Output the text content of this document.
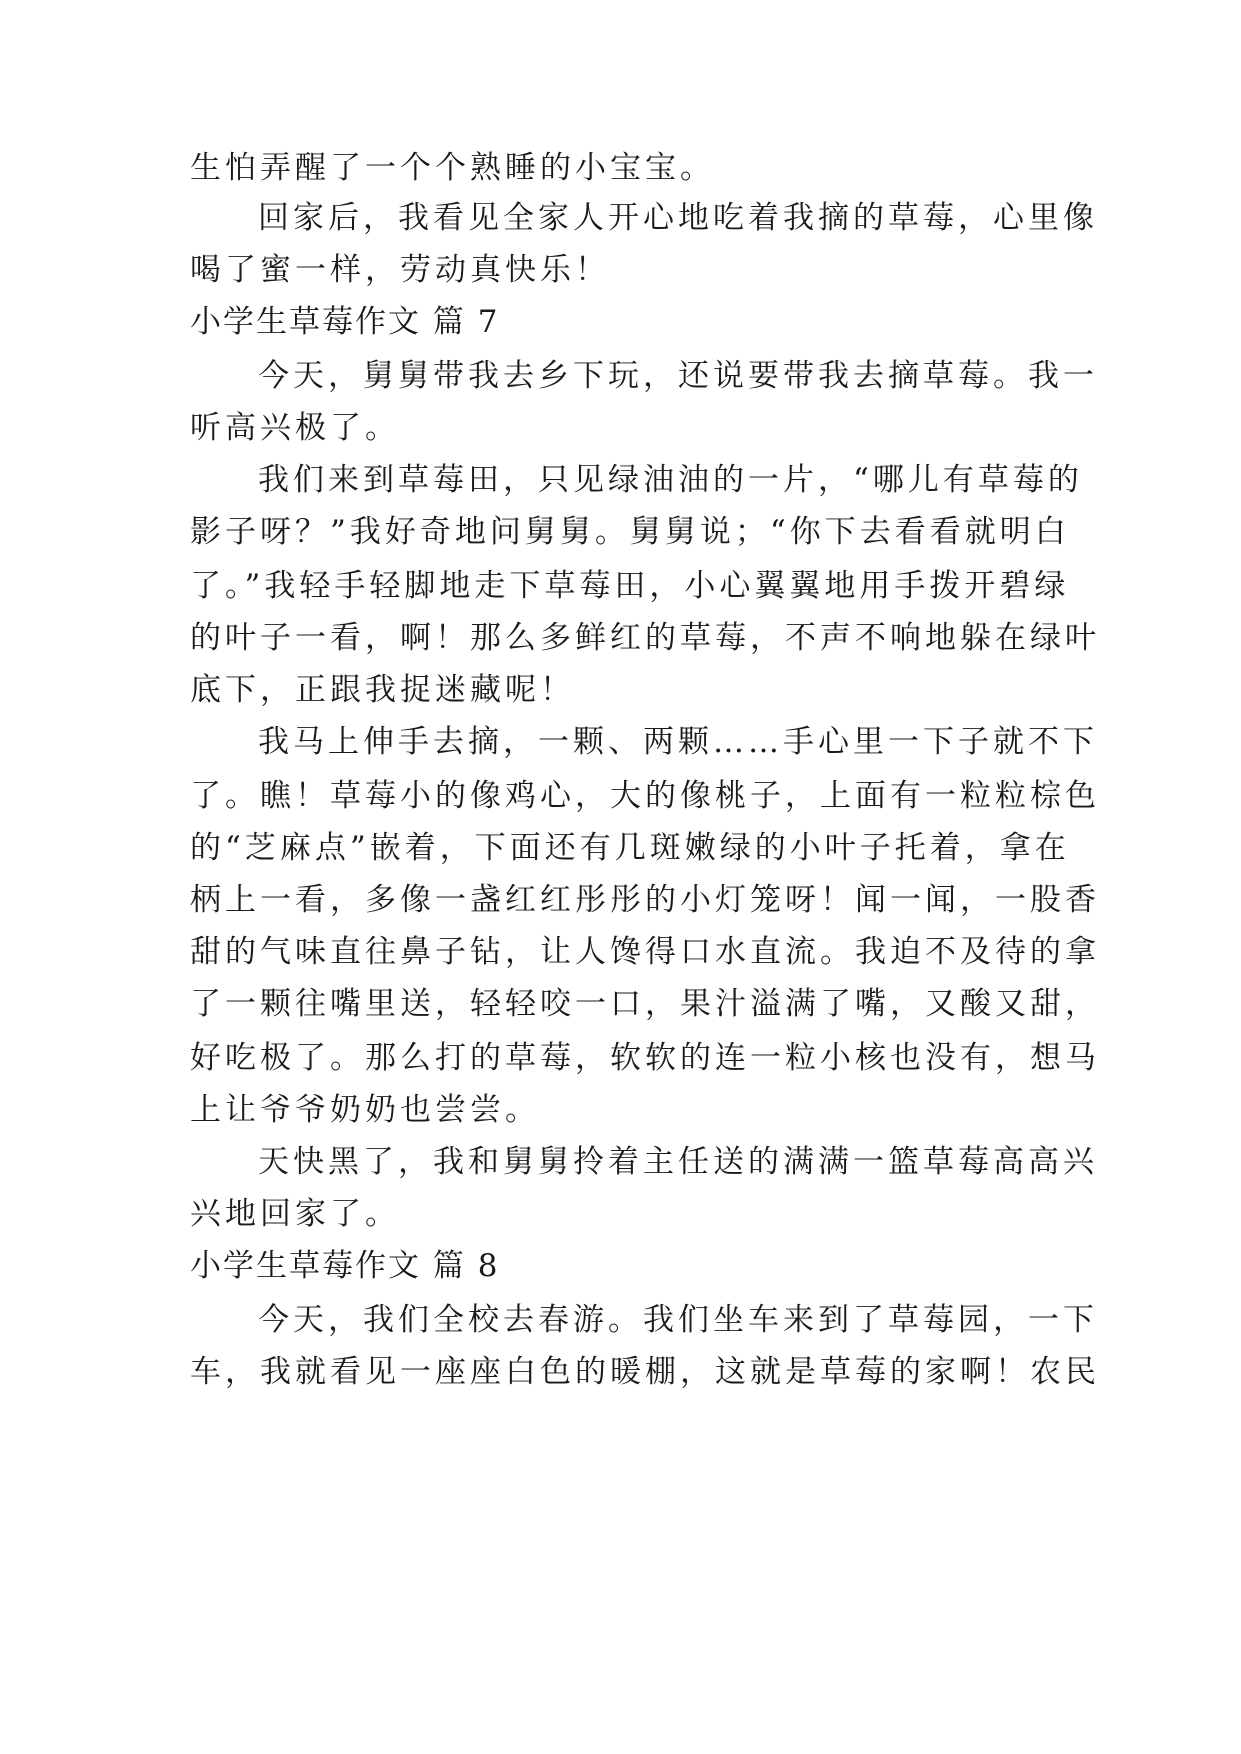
生怕弄醒了一个个熟睡的小宝宝。
回家后，我看见全家人开心地吃着我摘的草莓，心里像
喝了蜜一样，劳动真快乐！
小学生草莓作文 篇 7
今天，舅舅带我去乡下玩，还说要带我去摘草莓。我一
听高兴极了。
我们来到草莓田，只见绿油油的一片，“哪儿有草莓的
影子呀？”我好奇地问舅舅。舅舅说；“你下去看看就明白
了。”我轻手轻脚地走下草莓田，小心翼翼地用手拨开碧绿
的叶子一看，啊！那么多鲜红的草莓，不声不响地躲在绿叶
底下，正跟我捉迷藏呢！
我马上伸手去摘，一颗、两颗……手心里一下子就不下
了。瞧！草莓小的像鸡心，大的像桃子，上面有一粒粒棕色
的“芝麻点”嵌着，下面还有几斑嫩绿的小叶子托着，拿在
柄上一看，多像一盏红红彤彤的小灯笼呀！闻一闻，一股香
甜的气味直往鼻子钻，让人馋得口水直流。我迫不及待的拿
了一颗往嘴里送，轻轻咬一口，果汁溢满了嘴，又酸又甜，
好吃极了。那么打的草莓，软软的连一粒小核也没有，想马
上让爷爷奶奶也尝尝。
天快黑了，我和舅舅拎着主任送的满满一篮草莓高高兴
兴地回家了。
小学生草莓作文 篇 8
今天，我们全校去春游。我们坐车来到了草莓园，一下
车，我就看见一座座白色的暖棚，这就是草莓的家啊！农民
